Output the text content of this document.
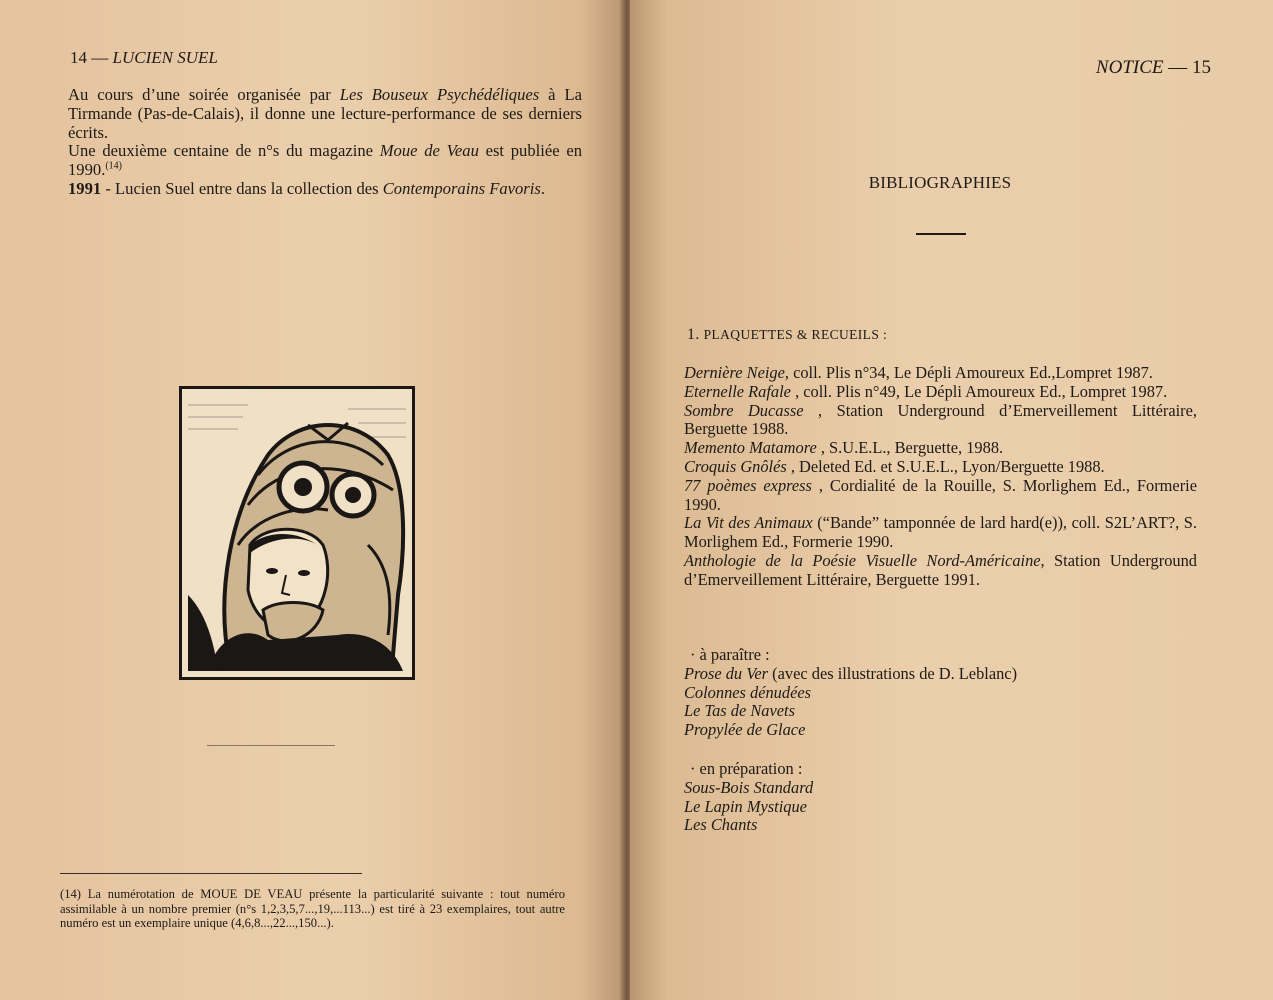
14 — LUCIEN SUEL

Au cours d’une soirée organisée par Les Bouseux Psychédéliques à La Tirmande (Pas-de-Calais), il donne une lecture-performance de ses derniers écrits.

Une deuxième centaine de n°s du magazine Moue de Veau est publiée en 1990.$^{(14)}$

1991 - Lucien Suel entre dans la collection des Contemporains Favoris.

(14) La numérotation de MOUE DE VEAU présente la particularité suivante : tout numéro assimilable à un nombre premier (n°s 1,2,3,5,7...,19,...113...) est tiré à 23 exemplaires, tout autre numéro est un exemplaire unique (4,6,8...,22...,150...).
NOTICE — 15
BIBLIOGRAPHIES
1. PLAQUETTES & RECUEILS :

Dernière Neige, coll. Plis n°34, Le Dépli Amoureux Ed.,Lompret 1987.

Eternelle Rafale , coll. Plis n°49, Le Dépli Amoureux Ed., Lompret 1987.

Sombre Ducasse , Station Underground d’Emerveillement Littéraire, Berguette 1988.

Memento Matamore , S.U.E.L., Berguette, 1988.

Croquis Gnôlés , Deleted Ed. et S.U.E.L., Lyon/Berguette 1988.

77 poèmes express , Cordialité de la Rouille, S. Morlighem Ed., Formerie 1990.

La Vit des Animaux (“Bande” tamponnée de lard hard(e)), coll. S2L’ART?, S. Morlighem Ed., Formerie 1990.

Anthologie de la Poésie Visuelle Nord-Américaine, Station Underground d’Emerveillement Littéraire, Berguette 1991.

· à paraître :
Prose du Ver (avec des illustrations de D. Leblanc)
Colonnes dénudées
Le Tas de Navets
Propylée de Glace
· en préparation :
Sous-Bois Standard
Le Lapin Mystique
Les Chants
